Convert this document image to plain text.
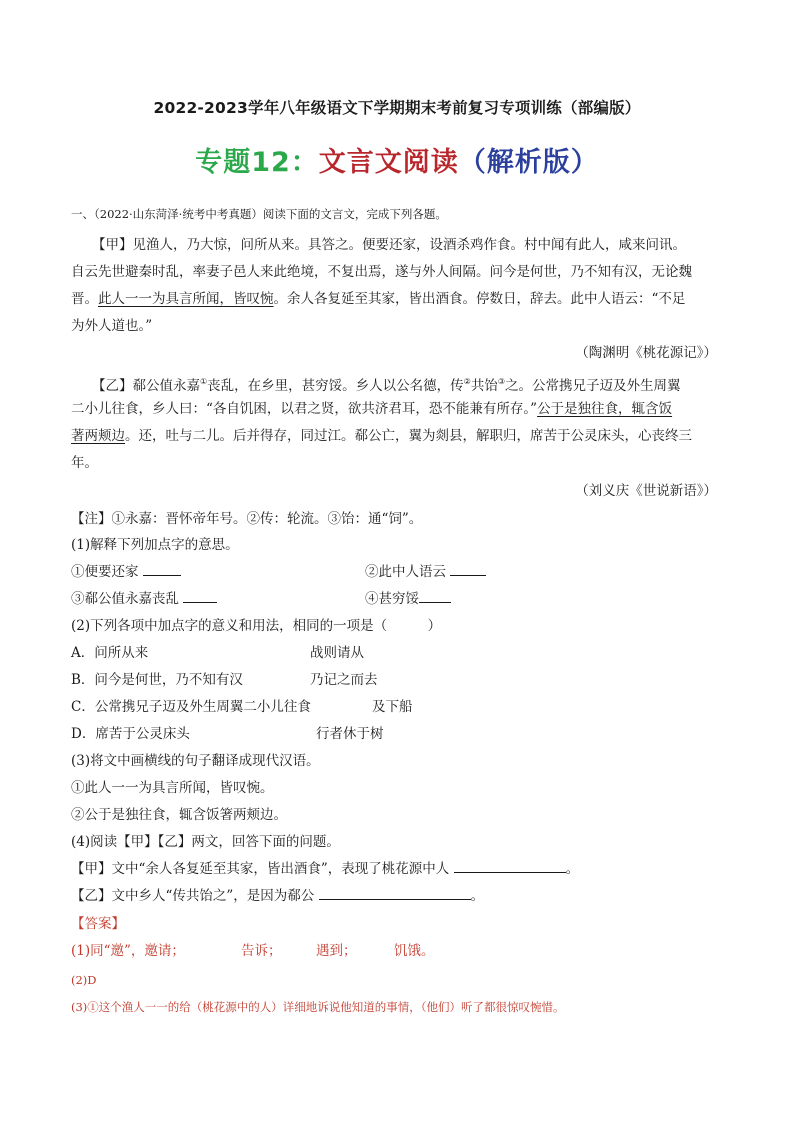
2022-2023学年八年级语文下学期期末考前复习专项训练（部编版）
专题12：文言文阅读（解析版）
一、（2022·山东菏泽·统考中考真题）阅读下面的文言文，完成下列各题。
【甲】见渔人，乃大惊，问所从来。具答之。便要还家，设酒杀鸡作食。村中闻有此人，咸来问讯。
自云先世避秦时乱，率妻子邑人来此绝境，不复出焉，遂与外人间隔。问今是何世，乃不知有汉，无论魏
晋。此人一一为具言所闻，皆叹惋。余人各复延至其家，皆出酒食。停数日，辞去。此中人语云：“不足
为外人道也。”
（陶渊明《桃花源记》）
【乙】郗公值永嘉①丧乱，在乡里，甚穷馁。乡人以公名德，传②共饴③之。公常携兄子迈及外生周翼
二小儿往食，乡人曰：“各自饥困，以君之贤，欲共济君耳，恐不能兼有所存。”公于是独往食，辄含饭
著两颊边。还，吐与二儿。后并得存，同过江。郗公亡，翼为剡县，解职归，席苦于公灵床头，心丧终三
年。
（刘义庆《世说新语》）
【注】①永嘉：晋怀帝年号。②传：轮流。③饴：通“饲”。
(1)解释下列加点字的意思。
①便要还家	②此中人语云
③郗公值永嘉丧乱	④甚穷馁
(2)下列各项中加点字的意义和用法，相同的一项是（　　　）
A．问所从来	战则请从
B．问今是何世，乃不知有汉	乃记之而去
C．公常携兄子迈及外生周翼二小儿往食	及下船
D．席苦于公灵床头	行者休于树
(3)将文中画横线的句子翻译成现代汉语。
①此人一一为具言所闻，皆叹惋。
②公于是独往食，辄含饭箸两颊边。
(4)阅读【甲】【乙】两文，回答下面的问题。
【甲】文中“余人各复延至其家，皆出酒食”，表现了桃花源中人	。
【乙】文中乡人“传共饴之”，是因为郗公	。
【答案】
(1)同“邀”，邀请；	告诉；	遇到；	饥饿。
(2)D
(3)①这个渔人一一的给（桃花源中的人）详细地诉说他知道的事情，（他们）听了都很惊叹惋惜。
